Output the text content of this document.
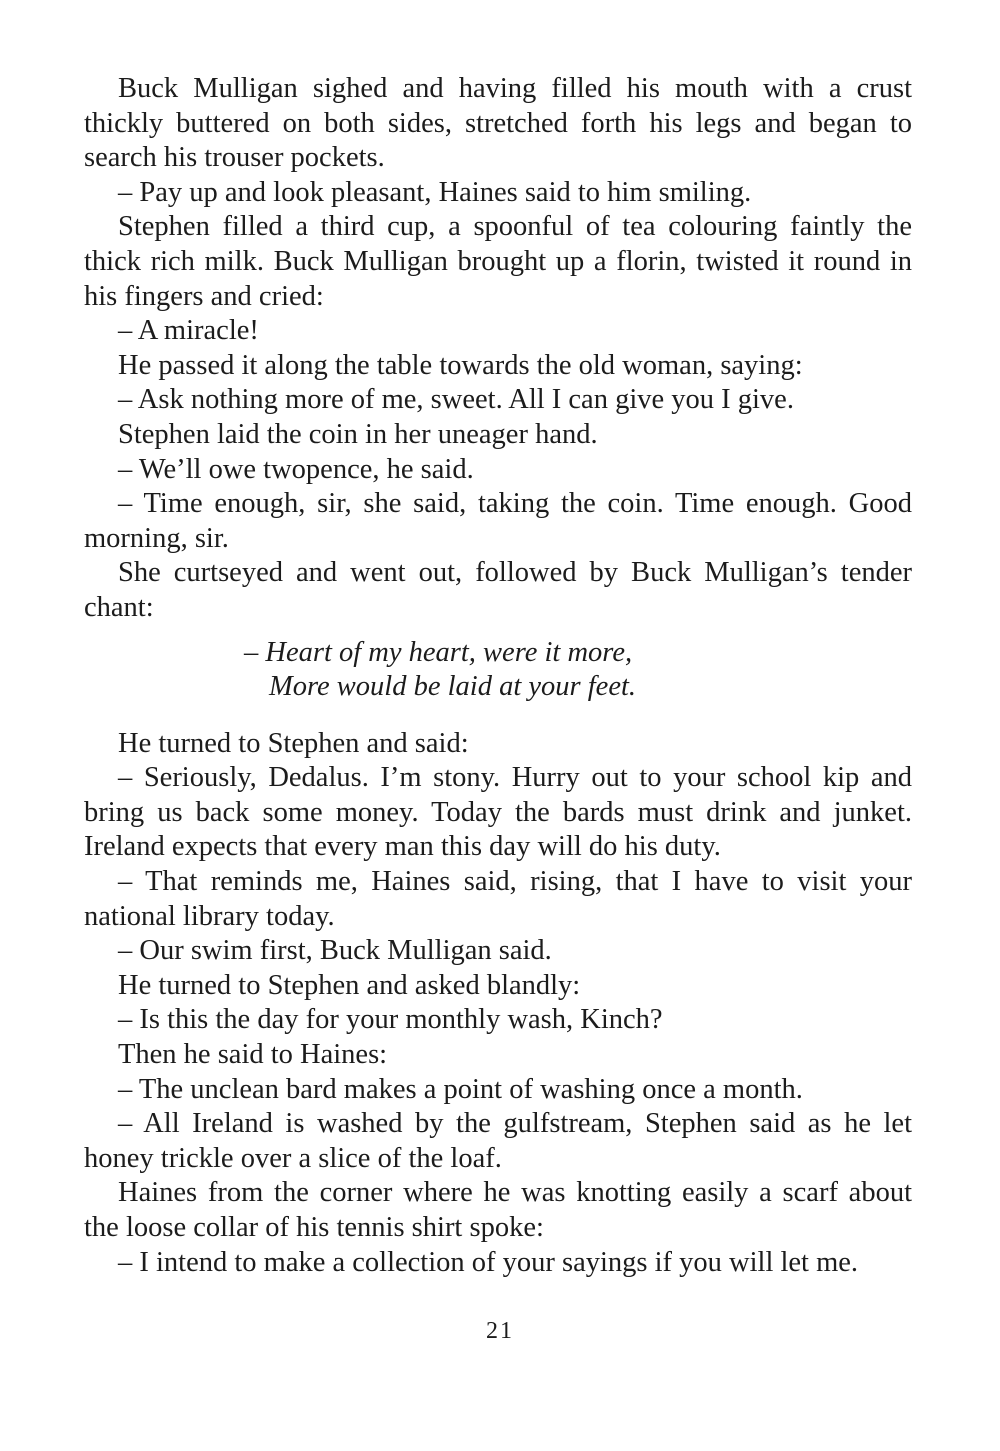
Buck Mulligan sighed and having filled his mouth with a crust thickly buttered on both sides, stretched forth his legs and began to search his trouser pockets.

– Pay up and look pleasant, Haines said to him smiling.

Stephen filled a third cup, a spoonful of tea colouring faintly the thick rich milk. Buck Mulligan brought up a florin, twisted it round in his fingers and cried:

– A miracle!

He passed it along the table towards the old woman, saying:

– Ask nothing more of me, sweet. All I can give you I give.

Stephen laid the coin in her uneager hand.

– We’ll owe twopence, he said.

– Time enough, sir, she said, taking the coin. Time enough. Good morning, sir.

She curtseyed and went out, followed by Buck Mulligan’s tender chant:

– Heart of my heart, were it more,
More would be laid at your feet.

He turned to Stephen and said:

– Seriously, Dedalus. I’m stony. Hurry out to your school kip and bring us back some money. Today the bards must drink and junket. Ireland expects that every man this day will do his duty.

– That reminds me, Haines said, rising, that I have to visit your national library today.

– Our swim first, Buck Mulligan said.

He turned to Stephen and asked blandly:

– Is this the day for your monthly wash, Kinch?

Then he said to Haines:

– The unclean bard makes a point of washing once a month.

– All Ireland is washed by the gulfstream, Stephen said as he let honey trickle over a slice of the loaf.

Haines from the corner where he was knotting easily a scarf about the loose collar of his tennis shirt spoke:

– I intend to make a collection of your sayings if you will let me.

21
